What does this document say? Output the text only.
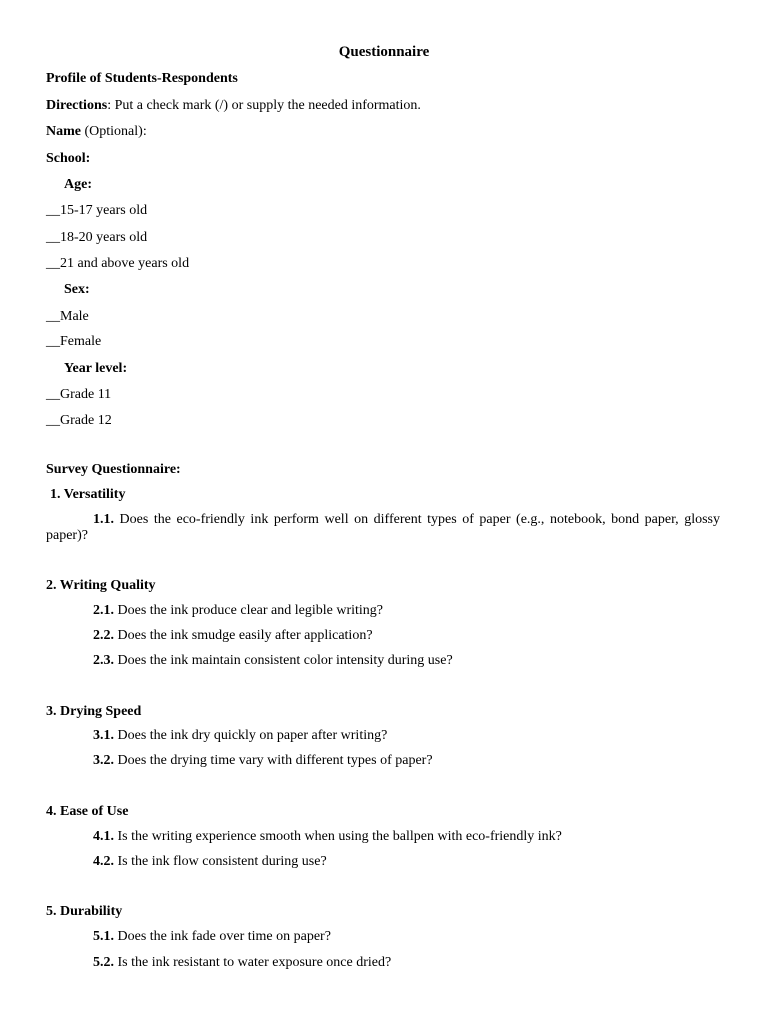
Questionnaire
Profile of Students-Respondents
Directions: Put a check mark (/) or supply the needed information.
Name (Optional):
School:
Age:
__15-17 years old
__18-20 years old
__21 and above years old
Sex:
__Male
__Female
Year level:
__Grade 11
__Grade 12
Survey Questionnaire:
1. Versatility
1.1. Does the eco-friendly ink perform well on different types of paper (e.g., notebook, bond paper, glossy paper)?
2. Writing Quality
2.1. Does the ink produce clear and legible writing?
2.2. Does the ink smudge easily after application?
2.3. Does the ink maintain consistent color intensity during use?
3. Drying Speed
3.1. Does the ink dry quickly on paper after writing?
3.2. Does the drying time vary with different types of paper?
4. Ease of Use
4.1. Is the writing experience smooth when using the ballpen with eco-friendly ink?
4.2. Is the ink flow consistent during use?
5. Durability
5.1. Does the ink fade over time on paper?
5.2. Is the ink resistant to water exposure once dried?
